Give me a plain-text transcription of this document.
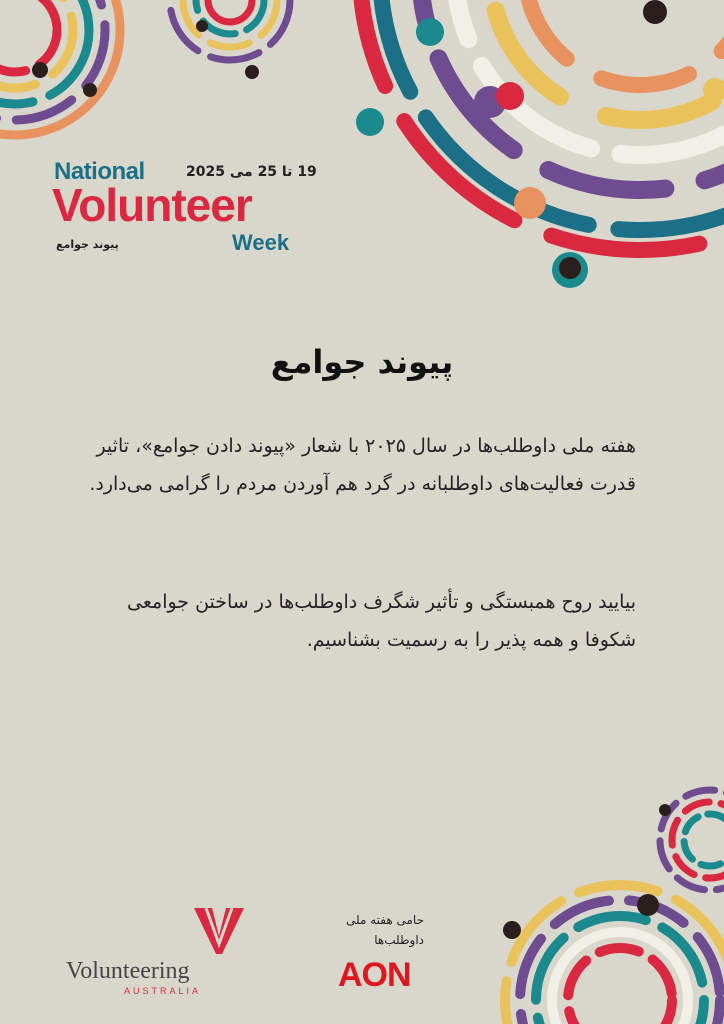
National	19 تا 25 می 2025
Volunteer
پیوند جوامع	Week
پیوند جوامع
هفته ملی داوطلب‌ها در سال ۲۰۲۵ با شعار «پیوند دادن جوامع»، تاثیر قدرت فعالیت‌های داوطلبانه در گرد هم آوردن مردم را گرامی می‌دارد.
بیایید روح همبستگی و تأثیر شگرف داوطلب‌ها در ساختن جوامعی شکوفا و همه پذیر را به رسمیت بشناسیم.
Volunteering
AUSTRALIA
حامی هفته ملی داوطلب‌ها
AON
